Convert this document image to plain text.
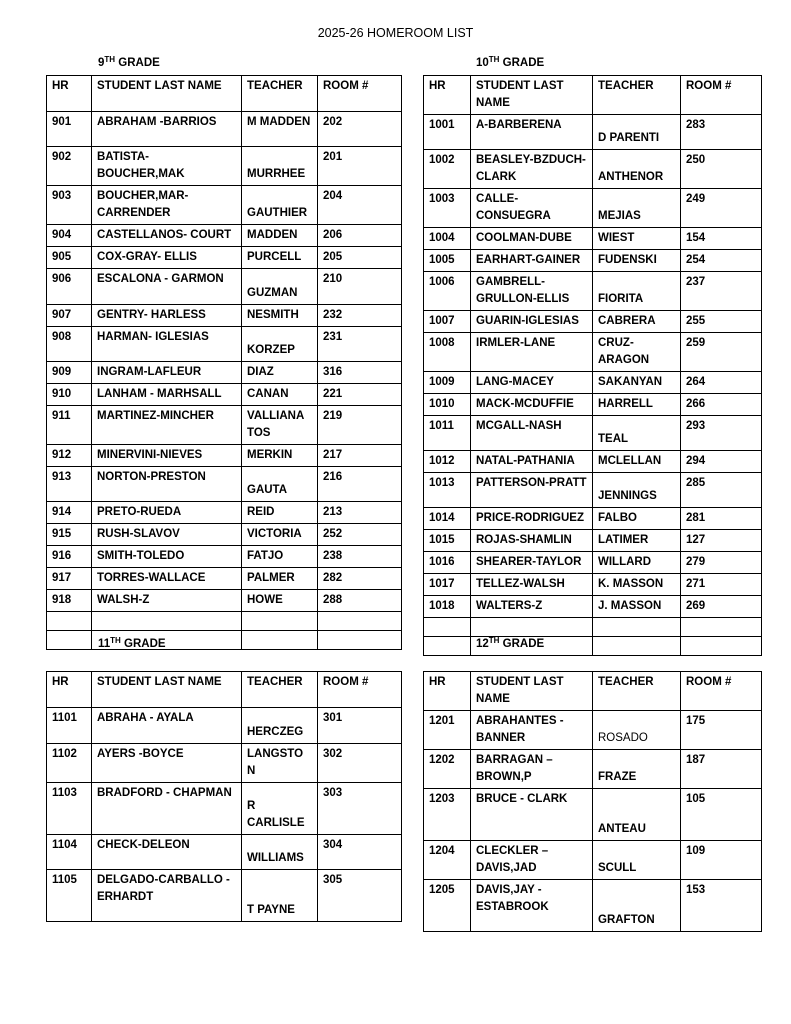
2025-26 HOMEROOM LIST
9TH GRADE	10TH GRADE
11TH GRADE	12TH GRADE
HR	STUDENT LAST NAME	TEACHER	ROOM #
901	ABRAHAM -BARRIOS	M MADDEN	202
902	BATISTA-BOUCHER,MAK	MURRHEE	201
903	BOUCHER,MAR-CARRENDER	GAUTHIER	204
904	CASTELLANOS- COURT	MADDEN	206
905	COX-GRAY- ELLIS	PURCELL	205
906	ESCALONA - GARMON	GUZMAN	210
907	GENTRY- HARLESS	NESMITH	232
908	HARMAN- IGLESIAS	KORZEP	231
909	INGRAM-LAFLEUR	DIAZ	316
910	LANHAM - MARHSALL	CANAN	221
911	MARTINEZ-MINCHER	VALLIANA TOS	219
912	MINERVINI-NIEVES	MERKIN	217
913	NORTON-PRESTON	GAUTA	216
914	PRETO-RUEDA	REID	213
915	RUSH-SLAVOV	VICTORIA	252
916	SMITH-TOLEDO	FATJO	238
917	TORRES-WALLACE	PALMER	282
918	WALSH-Z	HOWE	288

HR	STUDENT LAST NAME	TEACHER	ROOM #
1001	A-BARBERENA	D PARENTI	283
1002	BEASLEY-BZDUCH-CLARK	ANTHENOR	250
1003	CALLE-CONSUEGRA	MEJIAS	249
1004	COOLMAN-DUBE	WIEST	154
1005	EARHART-GAINER	FUDENSKI	254
1006	GAMBRELL-GRULLON-ELLIS	FIORITA	237
1007	GUARIN-IGLESIAS	CABRERA	255
1008	IRMLER-LANE	CRUZ-ARAGON	259
1009	LANG-MACEY	SAKANYAN	264
1010	MACK-MCDUFFIE	HARRELL	266
1011	MCGALL-NASH	TEAL	293
1012	NATAL-PATHANIA	MCLELLAN	294
1013	PATTERSON-PRATT	JENNINGS	285
1014	PRICE-RODRIGUEZ	FALBO	281
1015	ROJAS-SHAMLIN	LATIMER	127
1016	SHEARER-TAYLOR	WILLARD	279
1017	TELLEZ-WALSH	K. MASSON	271
1018	WALTERS-Z	J. MASSON	269

HR	STUDENT LAST NAME	TEACHER	ROOM #
1101	ABRAHA - AYALA	HERCZEG	301
1102	AYERS -BOYCE	LANGSTO N	302
1103	BRADFORD - CHAPMAN	R CARLISLE	303
1104	CHECK-DELEON	WILLIAMS	304
1105	DELGADO-CARBALLO - ERHARDT	T PAYNE	305
HR	STUDENT LAST NAME	TEACHER	ROOM #
1201	ABRAHANTES - BANNER	ROSADO	175
1202	BARRAGAN – BROWN,P	FRAZE	187
1203	BRUCE - CLARK	ANTEAU	105
1204	CLECKLER – DAVIS,JAD	SCULL	109
1205	DAVIS,JAY - ESTABROOK	GRAFTON	153
